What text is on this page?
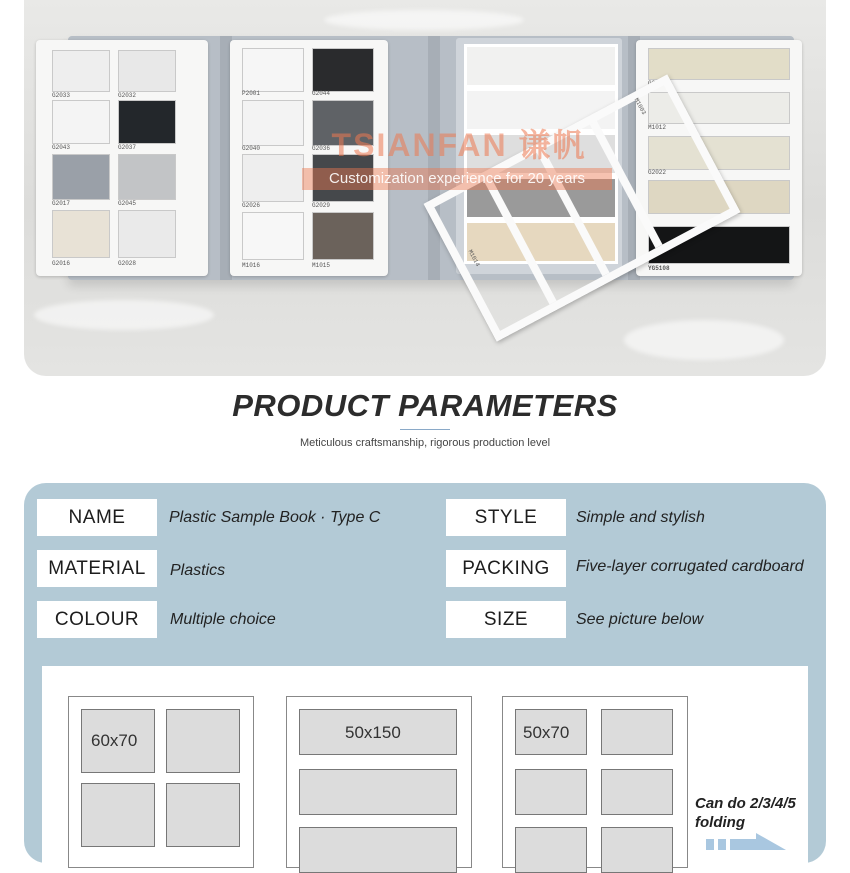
G2033	G2032
G2043	G2037
G2017	G2045
G2016	G2028
P2001	G2044
G2040	G2036
G2026	G2029
M1016	M1015
G2008
M1012
G2022
YG5108
M1014
M1003
TSIANFAN 谦帆
Customization experience for 20 years
PRODUCT PARAMETERS
Meticulous craftsmanship, rigorous production level
NAME	Plastic Sample Book · Type C	STYLE	Simple and stylish
MATERIAL	Plastics	PACKING	Five-layer corrugated cardboard
COLOUR	Multiple choice	SIZE	See picture below
60x70	50x150	50x70
Can do 2/3/4/5
folding
